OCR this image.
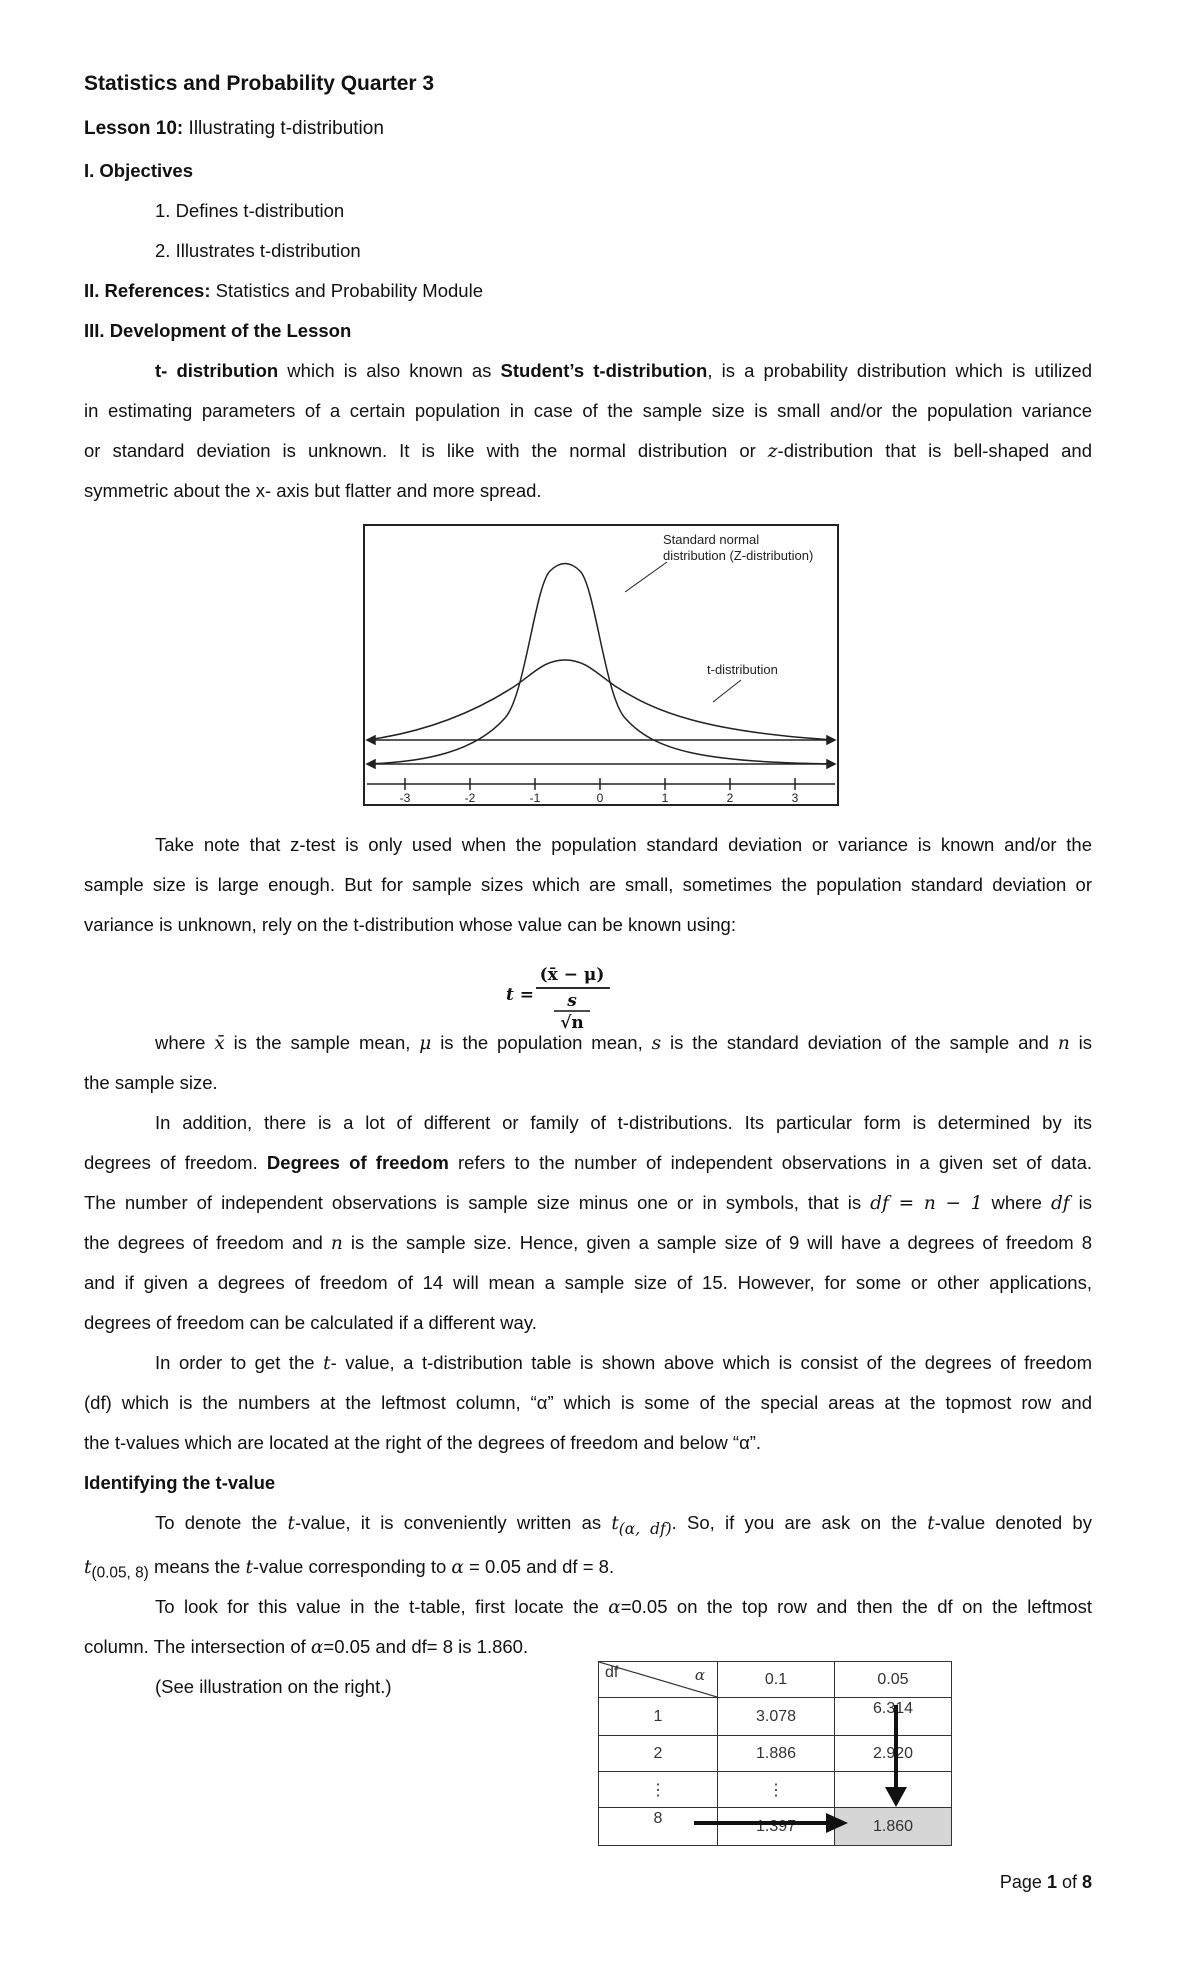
Statistics and Probability Quarter 3
Lesson 10: Illustrating t-distribution
I. Objectives
1. Defines t-distribution
2. Illustrates t-distribution
II. References: Statistics and Probability Module
III. Development of the Lesson
t- distribution which is also known as Student’s t-distribution, is a probability distribution which is utilized
in estimating parameters of a certain population in case of the sample size is small and/or the population variance
or standard deviation is unknown. It is like with the normal distribution or z-distribution that is bell-shaped and
symmetric about the x- axis but flatter and more spread.
-3	-2	-1	0	1	2	3
Standard normal
distribution (Z-distribution)
t-distribution
Take note that z-test is only used when the population standard deviation or variance is known and/or the
sample size is large enough. But for sample sizes which are small, sometimes the population standard deviation or
variance is unknown, rely on the t-distribution whose value can be known using:
t =
(x̄ − μ)
s
√n
where x̄ is the sample mean, μ is the population mean, s is the standard deviation of the sample and n is
the sample size.
In addition, there is a lot of different or family of t-distributions. Its particular form is determined by its
degrees of freedom. Degrees of freedom refers to the number of independent observations in a given set of data.
The number of independent observations is sample size minus one or in symbols, that is df = n − 1 where df is
the degrees of freedom and n is the sample size. Hence, given a sample size of 9 will have a degrees of freedom 8
and if given a degrees of freedom of 14 will mean a sample size of 15. However, for some or other applications,
degrees of freedom can be calculated if a different way.
In order to get the t- value, a t-distribution table is shown above which is consist of the degrees of freedom
(df) which is the numbers at the leftmost column, “α” which is some of the special areas at the topmost row and
the t-values which are located at the right of the degrees of freedom and below “α”.
Identifying the t-value
To denote the t-value, it is conveniently written as $t_{(\alpha, df)}$. So, if you are ask on the t-value denoted by
$t_{(0.05, 8)}$ means the t-value corresponding to α = 0.05 and df = 8.
To look for this value in the t-table, first locate the α=0.05 on the top row and then the df on the leftmost
column. The intersection of α=0.05 and df= 8 is 1.860.
(See illustration on the right.)
df α	0.1	0.05
1	3.078	6.314
2	1.886	2.920
⋮	⋮	
8	1.397	1.860
Page 1 of 8
